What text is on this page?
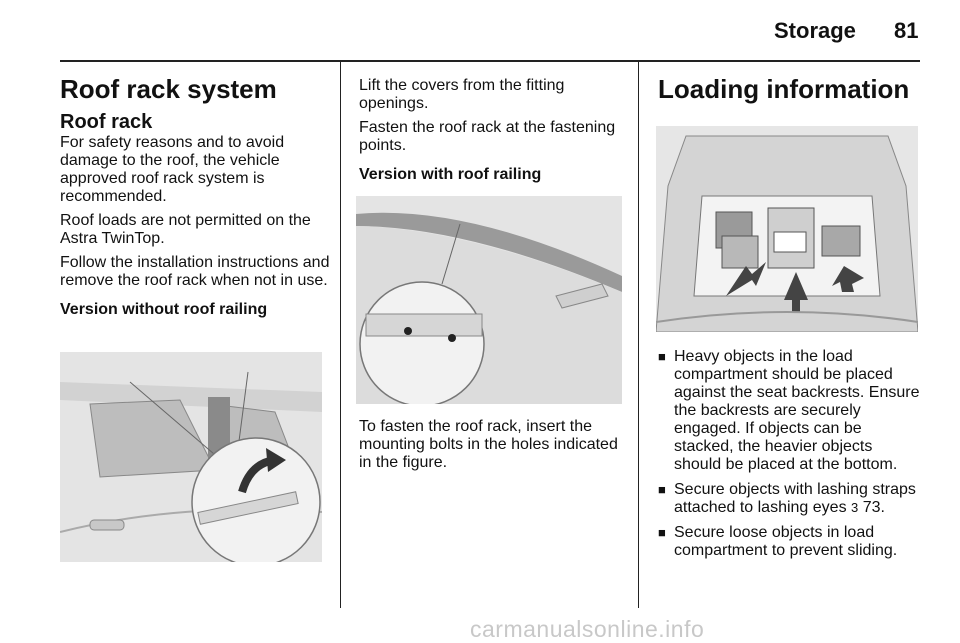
Storage 81
Roof rack system
Roof rack

For safety reasons and to avoid damage to the roof, the vehicle approved roof rack system is recommended.

Roof loads are not permitted on the Astra TwinTop.

Follow the installation instructions and remove the roof rack when not in use.

Version without roof railing

Lift the covers from the fitting openings.

Fasten the roof rack at the fastening points.

Version with roof railing

To fasten the roof rack, insert the mounting bolts in the holes indicated in the figure.

Loading information
■ Heavy objects in the load compartment should be placed against the seat backrests. Ensure the backrests are securely engaged. If objects can be stacked, the heavier objects should be placed at the bottom.
■ Secure objects with lashing straps attached to lashing eyes 3 73.
■ Secure loose objects in load compartment to prevent sliding.
carmanualsonline.info
